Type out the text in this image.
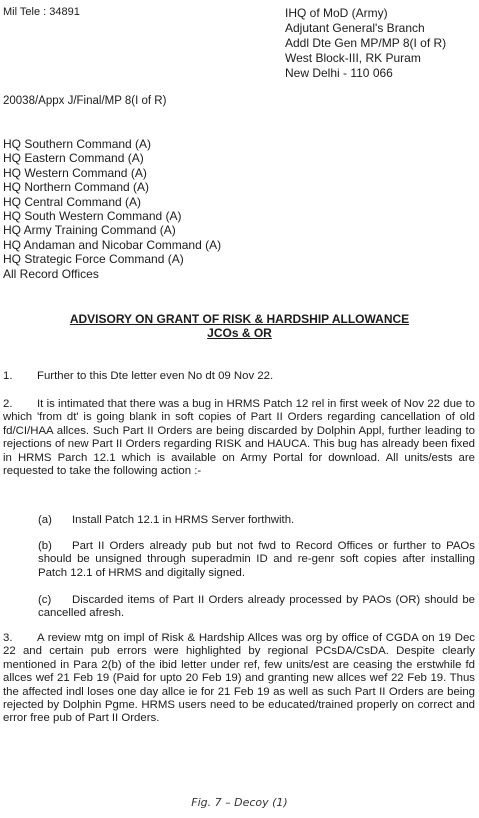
Mil Tele : 34891	IHQ of MoD (Army)
Adjutant General's Branch
Addl Dte Gen MP/MP 8(I of R)
West Block-III, RK Puram
New Delhi - 110 066
20038/Appx J/Final/MP 8(I of R)
HQ Southern Command (A)
HQ Eastern Command (A)
HQ Western Command (A)
HQ Northern Command (A)
HQ Central Command (A)
HQ South Western Command (A)
HQ Army Training Command (A)
HQ Andaman and Nicobar Command (A)
HQ Strategic Force Command (A)
All Record Offices
ADVISORY ON GRANT OF RISK & HARDSHIP ALLOWANCE
JCOs & OR
1. Further to this Dte letter even No dt 09 Nov 22.
2. It is intimated that there was a bug in HRMS Patch 12 rel in first week of Nov 22 due to which 'from dt' is going blank in soft copies of Part II Orders regarding cancellation of old fd/CI/HAA allces. Such Part II Orders are being discarded by Dolphin Appl, further leading to rejections of new Part II Orders regarding RISK and HAUCA. This bug has already been fixed in HRMS Parch 12.1 which is available on Army Portal for download. All units/ests are requested to take the following action :-
(a) Install Patch 12.1 in HRMS Server forthwith.
(b) Part II Orders already pub but not fwd to Record Offices or further to PAOs should be unsigned through superadmin ID and re-genr soft copies after installing Patch 12.1 of HRMS and digitally signed.
(c) Discarded items of Part II Orders already processed by PAOs (OR) should be cancelled afresh.
3. A review mtg on impl of Risk & Hardship Allces was org by office of CGDA on 19 Dec 22 and certain pub errors were highlighted by regional PCsDA/CsDA. Despite clearly mentioned in Para 2(b) of the ibid letter under ref, few units/est are ceasing the erstwhile fd allces wef 21 Feb 19 (Paid for upto 20 Feb 19) and granting new allces wef 22 Feb 19. Thus the affected indl loses one day allce ie for 21 Feb 19 as well as such Part II Orders are being rejected by Dolphin Pgme. HRMS users need to be educated/trained properly on correct and error free pub of Part II Orders.
Fig. 7 – Decoy (1)
